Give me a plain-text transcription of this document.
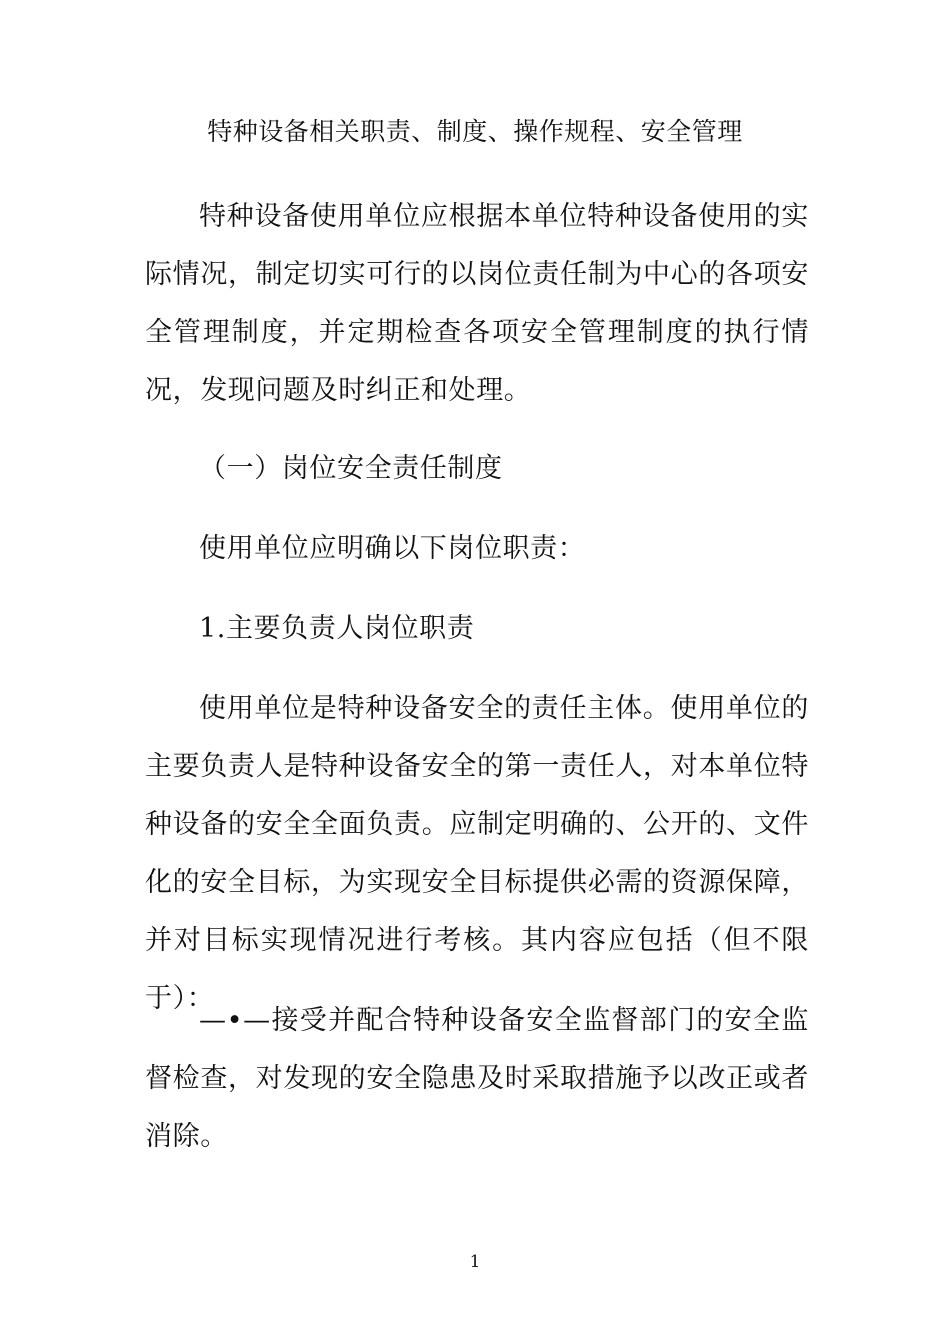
特种设备相关职责、制度、操作规程、安全管理
特种设备使用单位应根据本单位特种设备使用的实际情况，制定切实可行的以岗位责任制为中心的各项安全管理制度，并定期检查各项安全管理制度的执行情况，发现问题及时纠正和处理。
（一）岗位安全责任制度
使用单位应明确以下岗位职责：
1.主要负责人岗位职责
使用单位是特种设备安全的责任主体。使用单位的主要负责人是特种设备安全的第一责任人，对本单位特种设备的安全全面负责。应制定明确的、公开的、文件化的安全目标，为实现安全目标提供必需的资源保障，并对目标实现情况进行考核。其内容应包括（但不限于）：
—•—接受并配合特种设备安全监督部门的安全监督检查，对发现的安全隐患及时采取措施予以改正或者消除。
1
